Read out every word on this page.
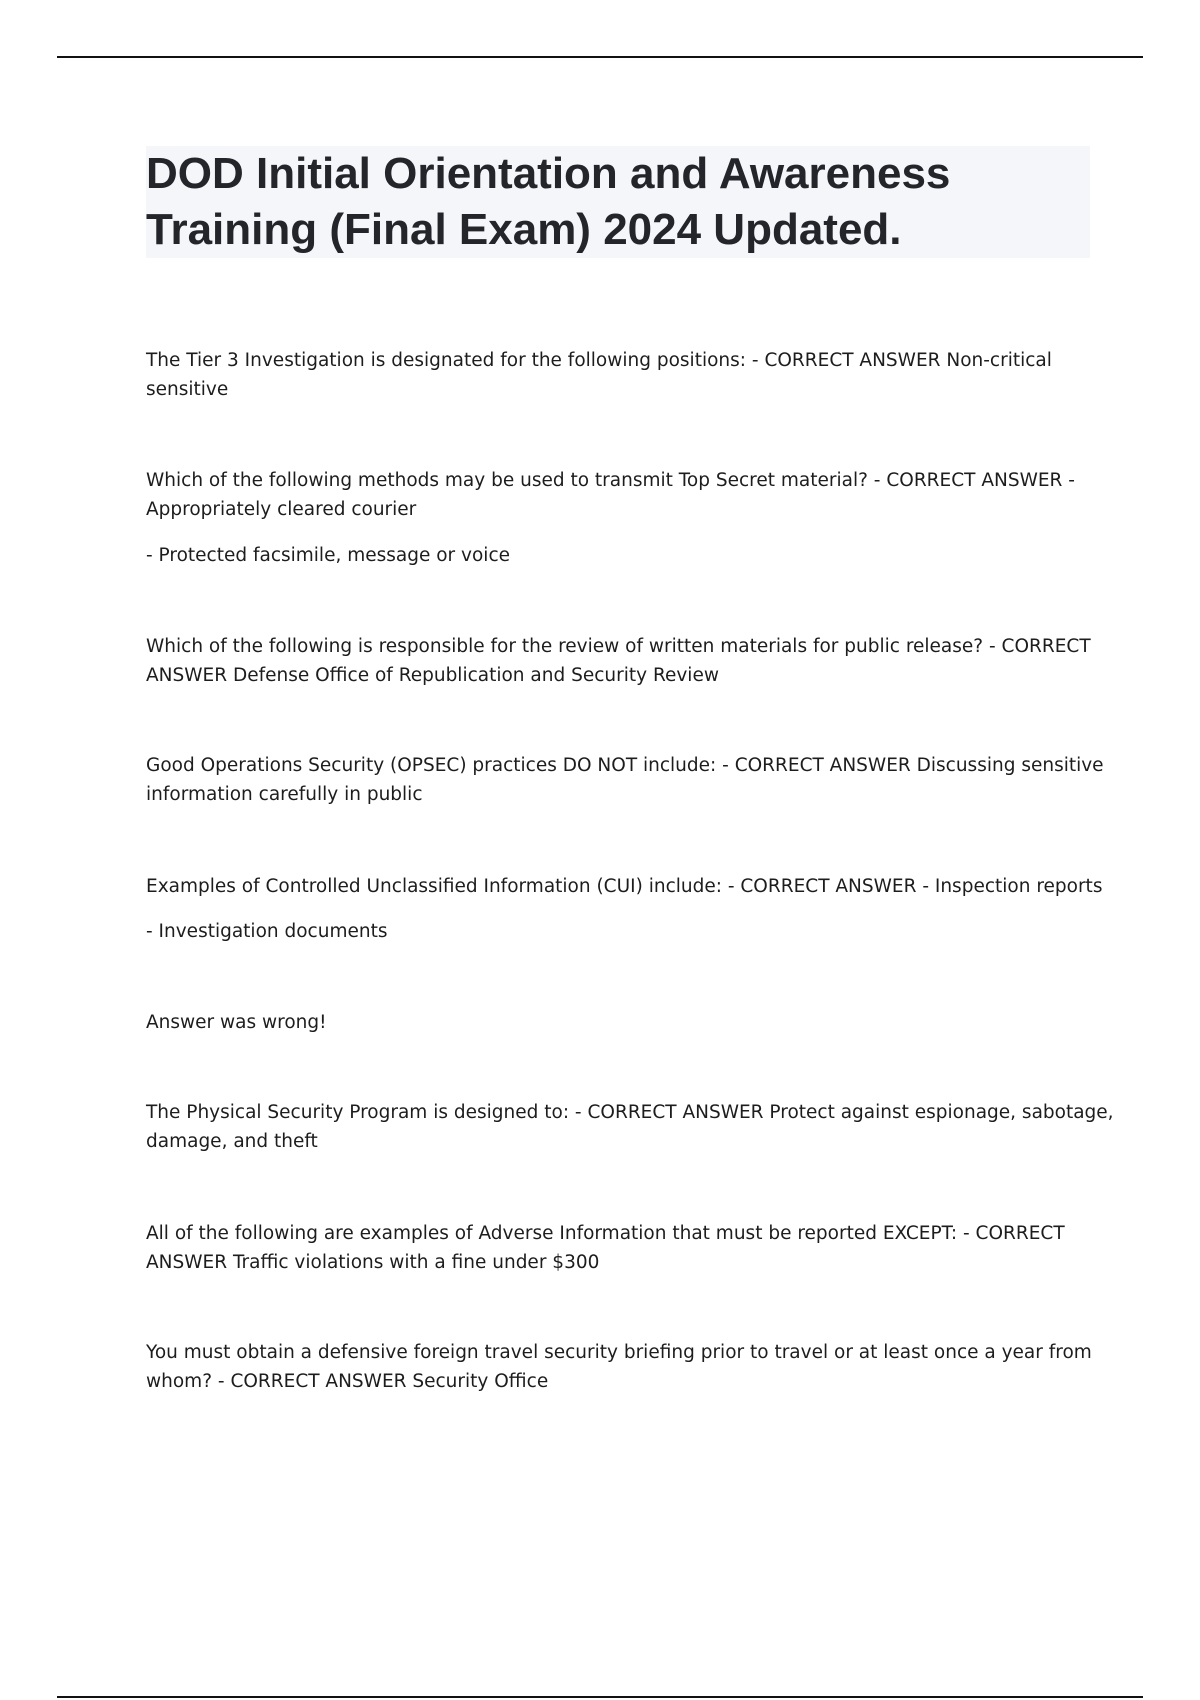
DOD Initial Orientation and Awareness
Training (Final Exam) 2024 Updated.

The Tier 3 Investigation is designated for the following positions: - CORRECT ANSWER Non-critical
sensitive

Which of the following methods may be used to transmit Top Secret material? - CORRECT ANSWER -
Appropriately cleared courier

- Protected facsimile, message or voice

Which of the following is responsible for the review of written materials for public release? - CORRECT
ANSWER Defense Office of Republication and Security Review

Good Operations Security (OPSEC) practices DO NOT include: - CORRECT ANSWER Discussing sensitive
information carefully in public

Examples of Controlled Unclassified Information (CUI) include: - CORRECT ANSWER - Inspection reports

- Investigation documents

Answer was wrong!

The Physical Security Program is designed to: - CORRECT ANSWER Protect against espionage, sabotage,
damage, and theft

All of the following are examples of Adverse Information that must be reported EXCEPT: - CORRECT
ANSWER Traffic violations with a fine under $300

You must obtain a defensive foreign travel security briefing prior to travel or at least once a year from
whom? - CORRECT ANSWER Security Office
